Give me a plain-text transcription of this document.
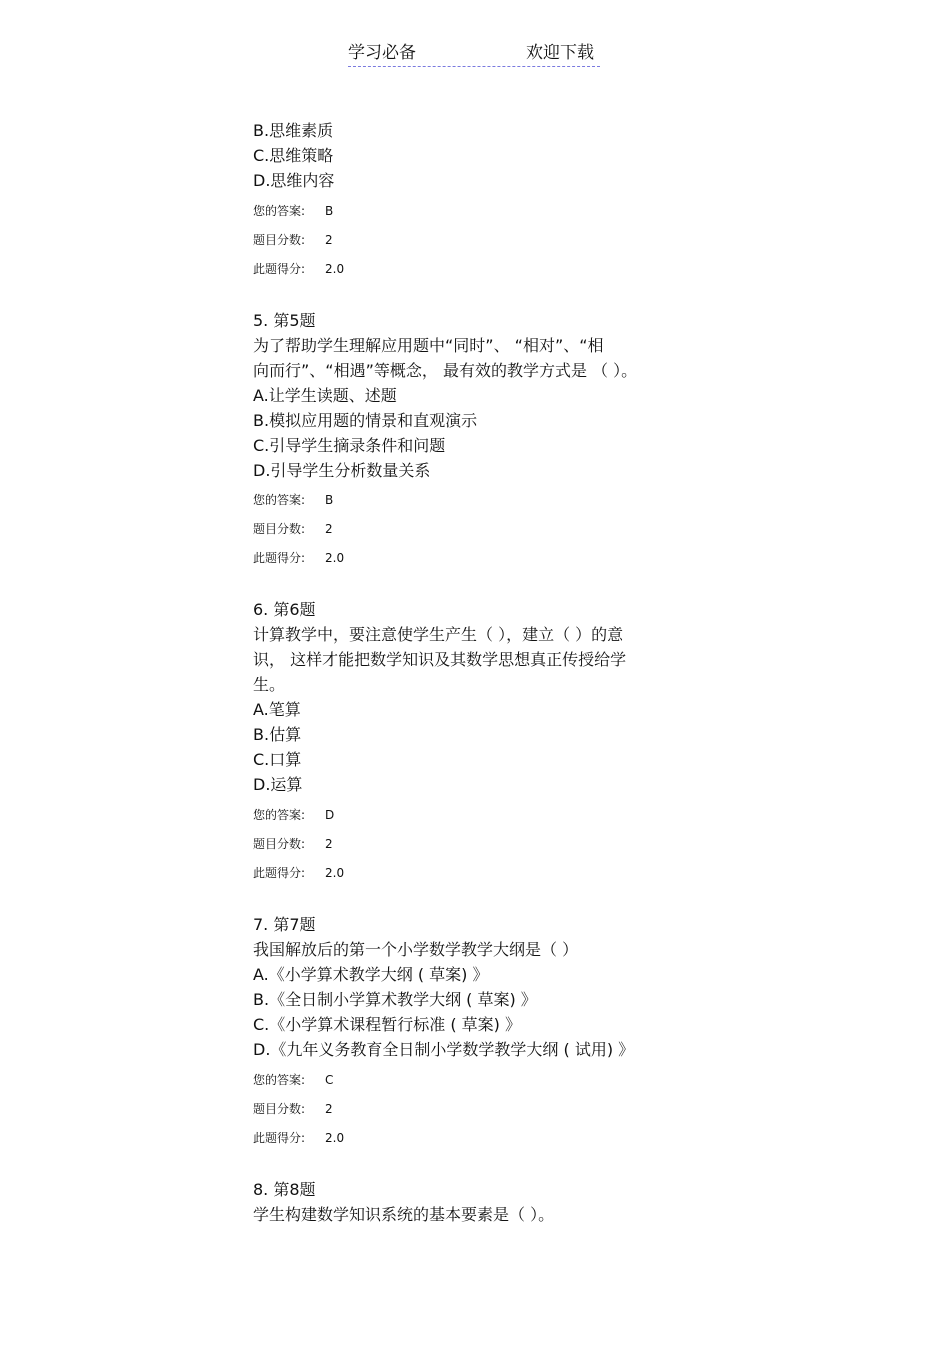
学习必备	欢迎下载

B.思维素质

C.思维策略

D.思维内容

您的答案: B
题目分数: 2
此题得分: 2.0
5. 第5题
为了帮助学生理解应用题中“同时”、 “相对”、“相
向而行”、“相遇”等概念， 最有效的教学方式是 （ ）。

A.让学生读题、述题

B.模拟应用题的情景和直观演示

C.引导学生摘录条件和问题

D.引导学生分析数量关系

您的答案: B
题目分数: 2
此题得分: 2.0
6. 第6题
计算教学中，要注意使学生产生（ ），建立（ ）的意
识， 这样才能把数学知识及其数学思想真正传授给学
生。

A.笔算

B.估算

C.口算

D.运算

您的答案: D
题目分数: 2
此题得分: 2.0
7. 第7题
我国解放后的第一个小学数学教学大纲是（ ）

A.《小学算术教学大纲 ( 草案) 》

B.《全日制小学算术教学大纲 ( 草案) 》

C.《小学算术课程暂行标准 ( 草案) 》

D.《九年义务教育全日制小学数学教学大纲 ( 试用) 》

您的答案: C
题目分数: 2
此题得分: 2.0
8. 第8题
学生构建数学知识系统的基本要素是（ ）。
